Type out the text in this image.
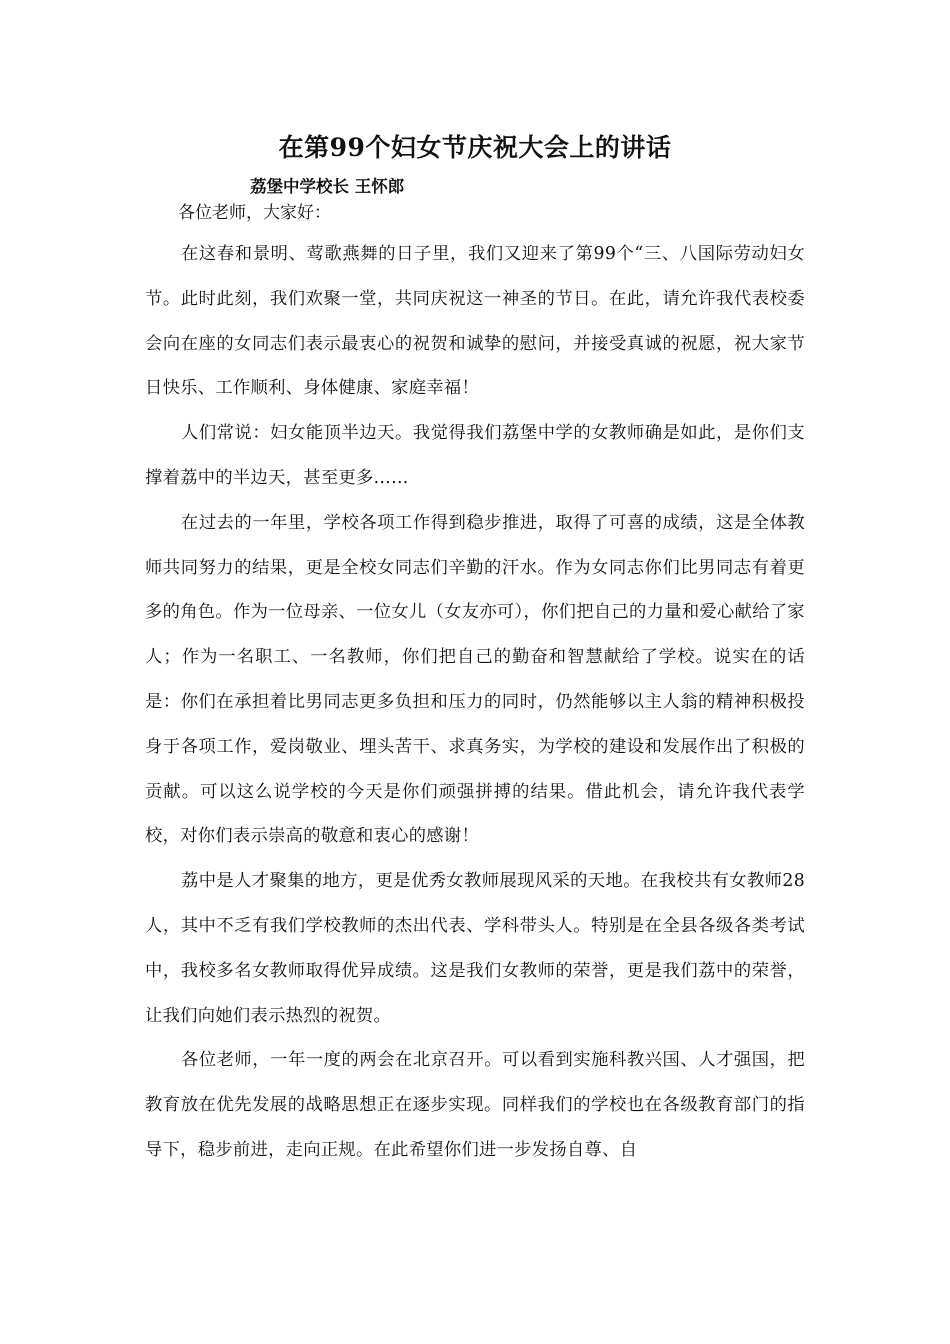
在第99个妇女节庆祝大会上的讲话

荔堡中学校长 王怀郎

各位老师，大家好：

在这春和景明、莺歌燕舞的日子里，我们又迎来了第99个“三、八国际劳动妇女节。此时此刻，我们欢聚一堂，共同庆祝这一神圣的节日。在此，请允许我代表校委会向在座的女同志们表示最衷心的祝贺和诚挚的慰问，并接受真诚的祝愿，祝大家节日快乐、工作顺利、身体健康、家庭幸福！

人们常说：妇女能顶半边天。我觉得我们荔堡中学的女教师确是如此，是你们支撑着荔中的半边天，甚至更多……

在过去的一年里，学校各项工作得到稳步推进，取得了可喜的成绩，这是全体教师共同努力的结果，更是全校女同志们辛勤的汗水。作为女同志你们比男同志有着更多的角色。作为一位母亲、一位女儿（女友亦可），你们把自己的力量和爱心献给了家人；作为一名职工、一名教师，你们把自己的勤奋和智慧献给了学校。说实在的话是：你们在承担着比男同志更多负担和压力的同时，仍然能够以主人翁的精神积极投身于各项工作，爱岗敬业、埋头苦干、求真务实，为学校的建设和发展作出了积极的贡献。可以这么说学校的今天是你们顽强拼搏的结果。借此机会，请允许我代表学校，对你们表示崇高的敬意和衷心的感谢！

荔中是人才聚集的地方，更是优秀女教师展现风采的天地。在我校共有女教师28人，其中不乏有我们学校教师的杰出代表、学科带头人。特别是在全县各级各类考试中，我校多名女教师取得优异成绩。这是我们女教师的荣誉，更是我们荔中的荣誉，让我们向她们表示热烈的祝贺。

各位老师，一年一度的两会在北京召开。可以看到实施科教兴国、人才强国，把教育放在优先发展的战略思想正在逐步实现。同样我们的学校也在各级教育部门的指导下，稳步前进，走向正规。在此希望你们进一步发扬自尊、自
